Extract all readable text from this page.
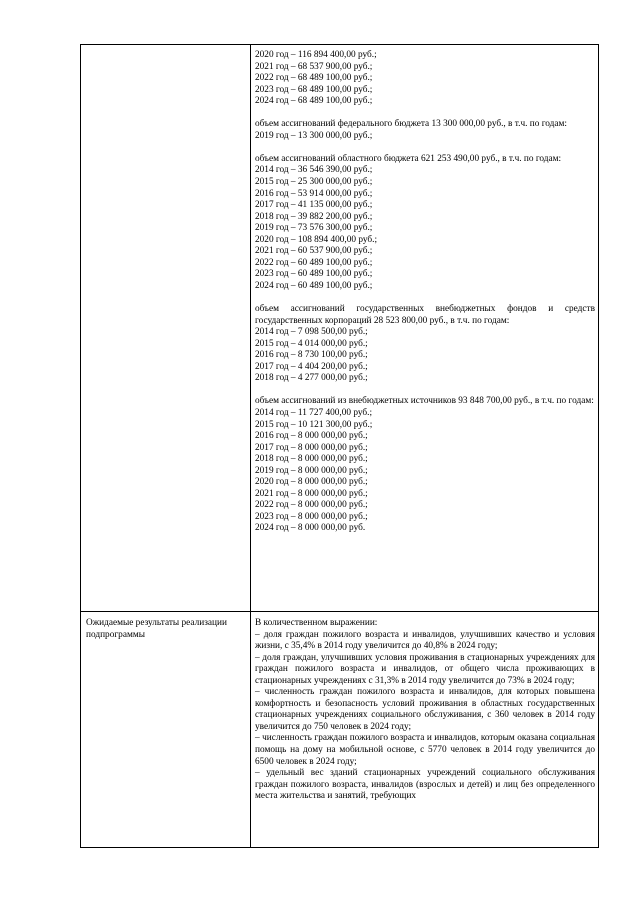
2020 год – 116 894 400,00 руб.;
2021 год – 68 537 900,00 руб.;
2022 год – 68 489 100,00 руб.;
2023 год – 68 489 100,00 руб.;
2024 год – 68 489 100,00 руб.;
объем ассигнований федерального бюджета 13 300 000,00 руб., в т.ч. по годам:
2019 год – 13 300 000,00 руб.;
объем ассигнований областного бюджета 621 253 490,00 руб., в т.ч. по годам:
2014 год – 36 546 390,00 руб.;
2015 год – 25 300 000,00 руб.;
2016 год – 53 914 000,00 руб.;
2017 год – 41 135 000,00 руб.;
2018 год – 39 882 200,00 руб.;
2019 год – 73 576 300,00 руб.;
2020 год – 108 894 400,00 руб.;
2021 год – 60 537 900,00 руб.;
2022 год – 60 489 100,00 руб.;
2023 год – 60 489 100,00 руб.;
2024 год – 60 489 100,00 руб.;
объем ассигнований государственных внебюджетных фондов и средств государственных корпораций 28 523 800,00 руб., в т.ч. по годам:
2014 год – 7 098 500,00 руб.;
2015 год – 4 014 000,00 руб.;
2016 год – 8 730 100,00 руб.;
2017 год – 4 404 200,00 руб.;
2018 год – 4 277 000,00 руб.;
объем ассигнований из внебюджетных источников 93 848 700,00 руб., в т.ч. по годам:
2014 год – 11 727 400,00 руб.;
2015 год – 10 121 300,00 руб.;
2016 год – 8 000 000,00 руб.;
2017 год – 8 000 000,00 руб.;
2018 год – 8 000 000,00 руб.;
2019 год – 8 000 000,00 руб.;
2020 год – 8 000 000,00 руб.;
2021 год – 8 000 000,00 руб.;
2022 год – 8 000 000,00 руб.;
2023 год – 8 000 000,00 руб.;
2024 год – 8 000 000,00 руб.
Ожидаемые результаты реализации подпрограммы
В количественном выражении:
– доля граждан пожилого возраста и инвалидов, улучшивших качество и условия жизни, с 35,4% в 2014 году увеличится до 40,8% в 2024 году;
– доля граждан, улучшивших условия проживания в стационарных учреждениях для граждан пожилого возраста и инвалидов, от общего числа проживающих в стационарных учреждениях с 31,3% в 2014 году увеличится до 73% в 2024 году;
– численность граждан пожилого возраста и инвалидов, для которых повышена комфортность и безопасность условий проживания в областных государственных стационарных учреждениях социального обслуживания, с 360 человек в 2014 году увеличится до 750 человек в 2024 году;
– численность граждан пожилого возраста и инвалидов, которым оказана социальная помощь на дому на мобильной основе, с 5770 человек в 2014 году увеличится до 6500 человек в 2024 году;
– удельный вес зданий стационарных учреждений социального обслуживания граждан пожилого возраста, инвалидов (взрослых и детей) и лиц без определенного места жительства и занятий, требующих
